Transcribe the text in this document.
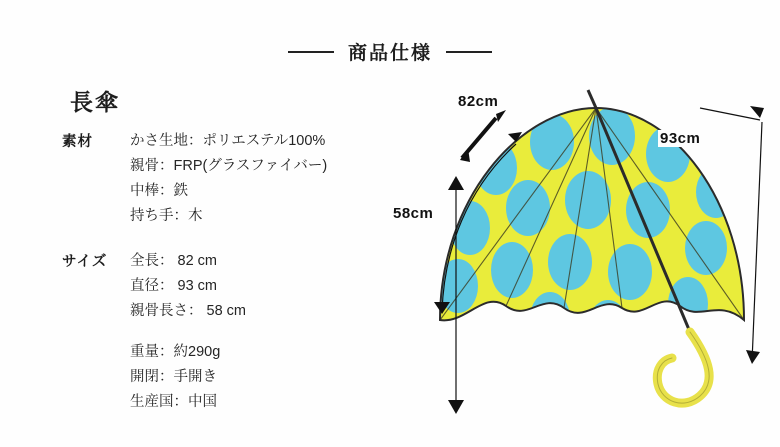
商品仕様
長傘
素材	かさ生地：ポリエステル100%
親骨：FRP(グラスファイバー)
中棒：鉄
持ち手：木
サイズ	全長： 82 cm
直径： 93 cm
親骨長さ： 58 cm
重量：約290g
開閉：手開き
生産国：中国
82cm
93cm
58cm
